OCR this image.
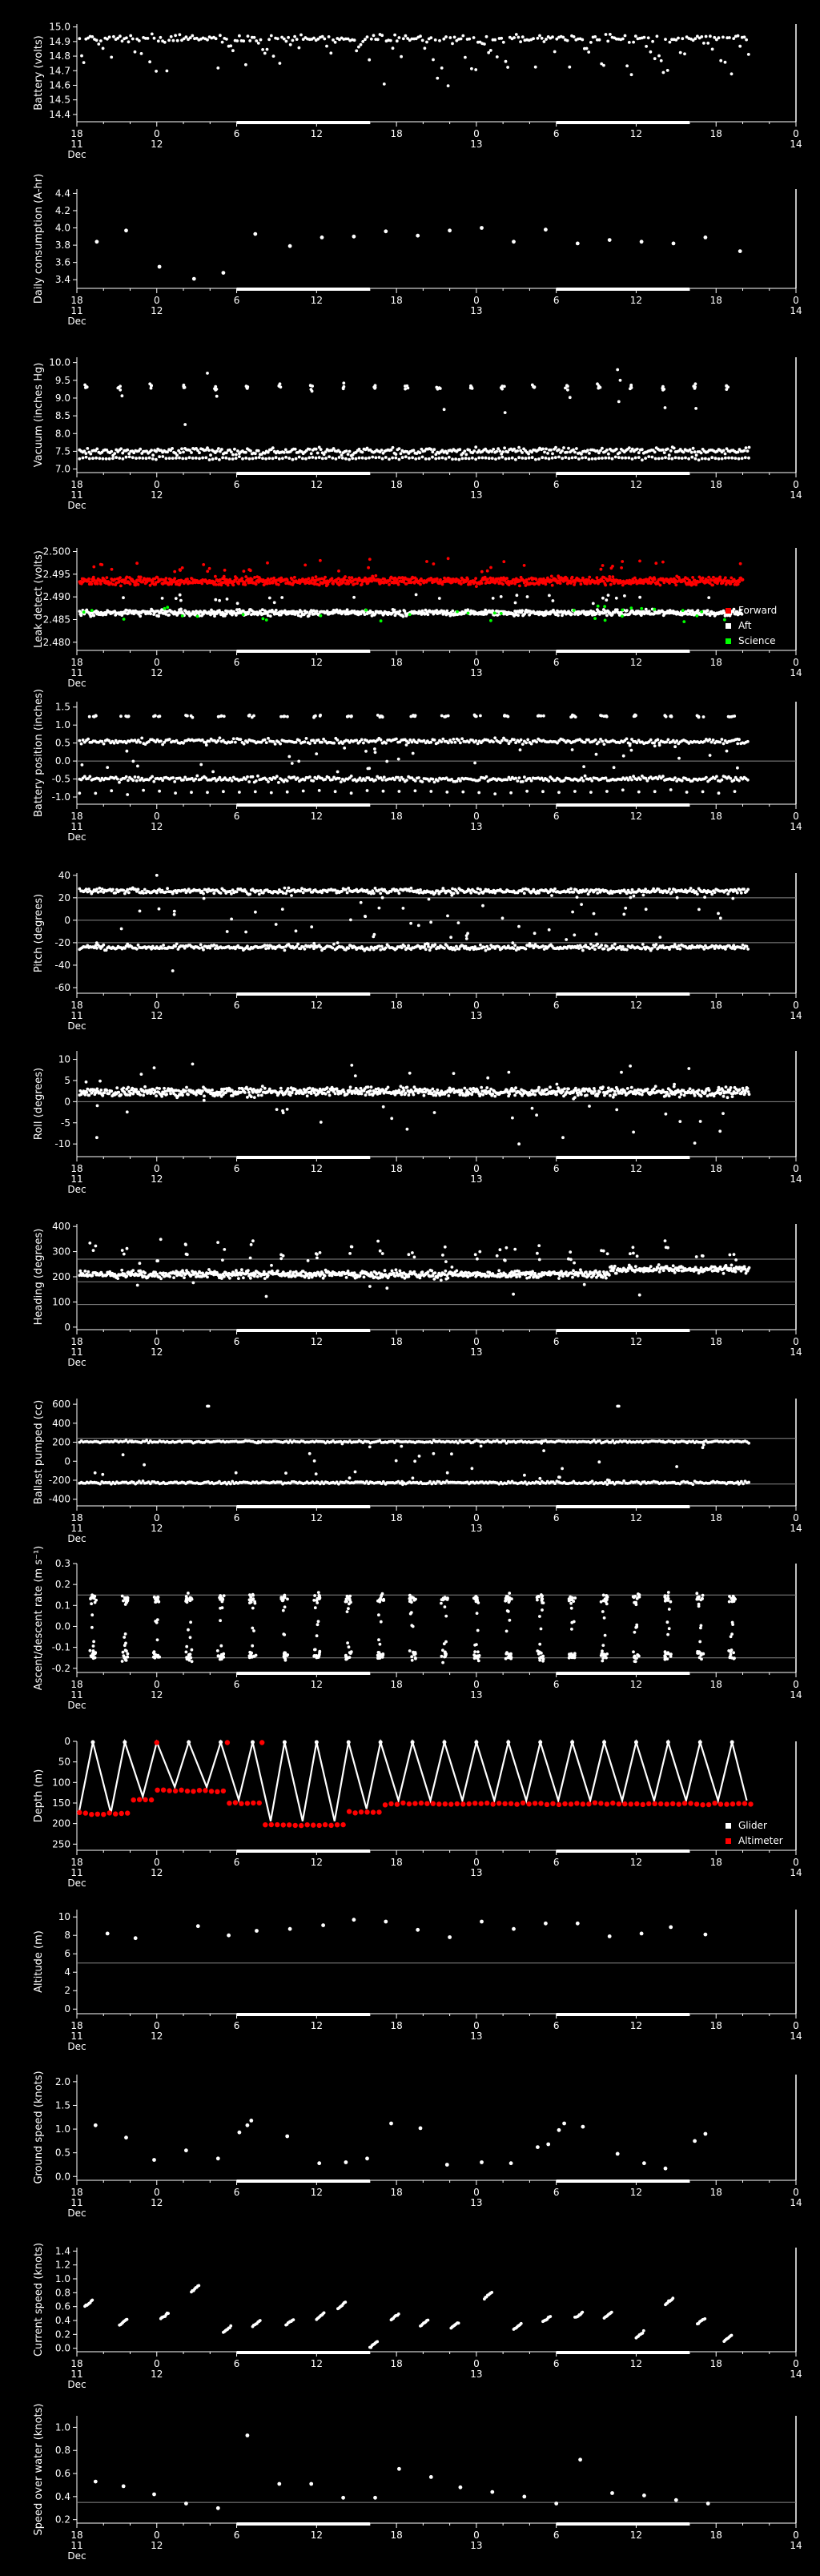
14.4
14.5
14.6
14.7
14.8
14.9
15.0
Battery (volts)
18
11
Dec
0
12
6	12	18	0
13
6	12	18	0
14
3.4
3.6
3.8
4.0
4.2
4.4
Daily consumption (A-hr)	18
11
Dec
0
12
6	12	18	0
13
6	12	18	0
14
7.0
7.5
8.0
8.5
9.0
9.5
10.0
Vacuum (inches Hg)
18
11
Dec
0
12
6	12	18	0
13
6	12	18	0
14
2.480
2.485
2.490
2.495
2.500
Leak detect (volts)
18
11
Dec
0
12
6	12	18	0
13
6	12	18	0
14
Forward
Aft
Science
-1.0
-0.5
0.0
0.5
1.0
1.5
Battery position (inches)	18
11
Dec
0
12
6	12	18	0
13
6	12	18	0
14
-60
-40
-20
0
20
40
Pitch (degrees)
18
11
Dec
0
12
6	12	18	0
13
6	12	18	0
14
-10
-5
0
5
10
Roll (degrees)
18
11
Dec
0
12
6	12	18	0
13
6	12	18	0
14
0
100
200
300
400
Heading (degrees)
18
11
Dec
0
12
6	12	18	0
13
6	12	18	0
14
-400
-200
0
200
400
600
Ballast pumped (cc)
18
11
Dec
0
12
6	12	18	0
13
6	12	18	0
14
-0.2
-0.1
0.0
0.1
0.2
0.3
Ascent/descent rate (m s⁻¹)	18
11
Dec
0
12
6	12	18	0
13
6	12	18	0
14
0
50
100
150
200
250
Depth (m)
18
11
Dec
0
12
6	12	18	0
13
6	12	18	0
14
Glider
Altimeter
0
2
4
6
8
10
Altitude (m)
18
11
Dec
0
12
6	12	18	0
13
6	12	18	0
14
0.0
0.5
1.0
1.5
2.0
Ground speed (knots)
18
11
Dec
0
12
6	12	18	0
13
6	12	18	0
14
0.0
0.2
0.4
0.6
0.8
1.0
1.2
1.4
Current speed (knots)
18
11
Dec
0
12
6	12	18	0
13
6	12	18	0
14
0.2
0.4
0.6
0.8
1.0
Speed over water (knots)	18
11
Dec
0
12
6	12	18	0
13
6	12	18	0
14
